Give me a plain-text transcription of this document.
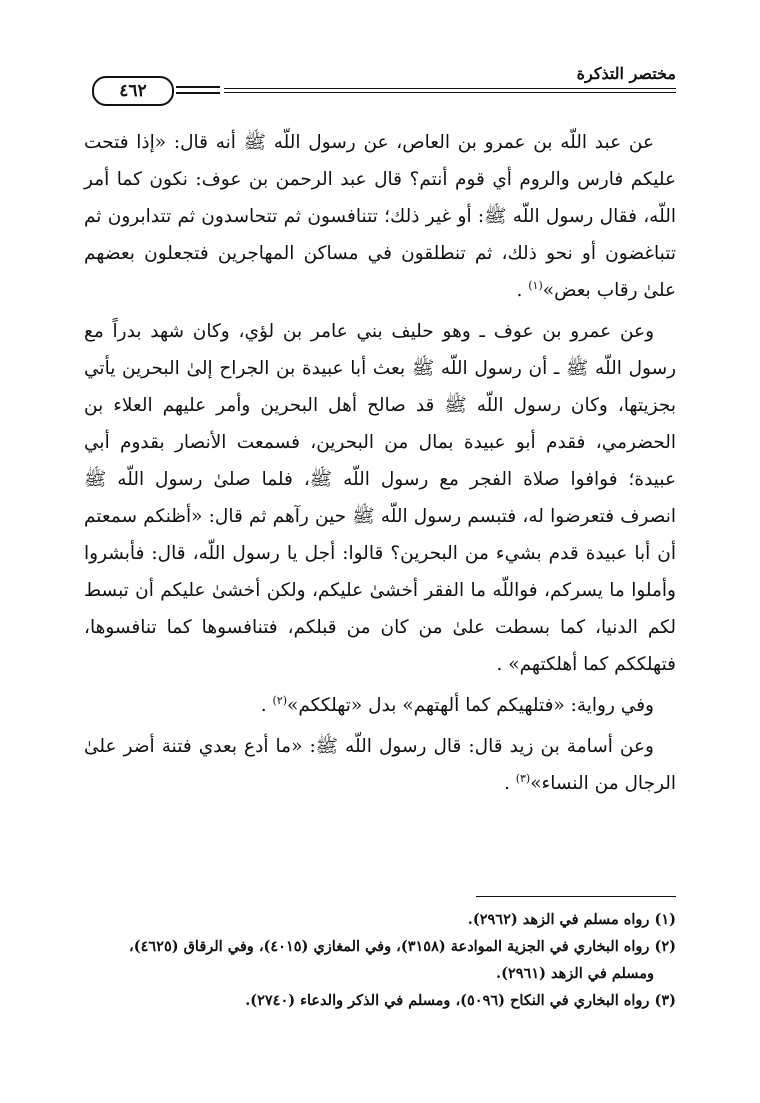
٤٦٢
مختصر التذكرة

عن عبد اللّه بن عمرو بن العاص، عن رسول اللّه ﷺ أنه قال: «إذا فتحت عليكم فارس والروم أي قوم أنتم؟ قال عبد الرحمن بن عوف: نكون كما أمر اللّه، فقال رسول اللّه ﷺ: أو غير ذلك؛ تتنافسون ثم تتحاسدون ثم تتدابرون ثم تتباغضون أو نحو ذلك، ثم تنطلقون في مساكن المهاجرين فتجعلون بعضهم علىٰ رقاب بعض»$^{(١)}$ .

وعن عمرو بن عوف ـ وهو حليف بني عامر بن لؤي، وكان شهد بدراً مع رسول اللّه ﷺ ـ أن رسول اللّه ﷺ بعث أبا عبيدة بن الجراح إلىٰ البحرين يأتي بجزيتها، وكان رسول اللّه ﷺ قد صالح أهل البحرين وأمر عليهم العلاء بن الحضرمي، فقدم أبو عبيدة بمال من البحرين، فسمعت الأنصار بقدوم أبي عبيدة؛ فوافوا صلاة الفجر مع رسول اللّه ﷺ، فلما صلىٰ رسول اللّه ﷺ انصرف فتعرضوا له، فتبسم رسول اللّه ﷺ حين رآهم ثم قال: «أظنكم سمعتم أن أبا عبيدة قدم بشيء من البحرين؟ قالوا: أجل يا رسول اللّه، قال: فأبشروا وأملوا ما يسركم، فواللّه ما الفقر أخشىٰ عليكم، ولكن أخشىٰ عليكم أن تبسط لكم الدنيا، كما بسطت علىٰ من كان من قبلكم، فتنافسوها كما تنافسوها، فتهلككم كما أهلكتهم» .

وفي رواية: «فتلهيكم كما ألهتهم» بدل «تهلككم»$^{(٢)}$ .

وعن أسامة بن زيد قال: قال رسول اللّه ﷺ: «ما أدع بعدي فتنة أضر علىٰ الرجال من النساء»$^{(٣)}$ .

(١) رواه مسلم في الزهد (٢٩٦٢).

(٢) رواه البخاري في الجزية الموادعة (٣١٥٨)، وفي المغازي (٤٠١٥)، وفي الرقاق (٤٦٢٥)،

ومسلم في الزهد (٢٩٦١).

(٣) رواه البخاري في النكاح (٥٠٩٦)، ومسلم في الذكر والدعاء (٢٧٤٠).
